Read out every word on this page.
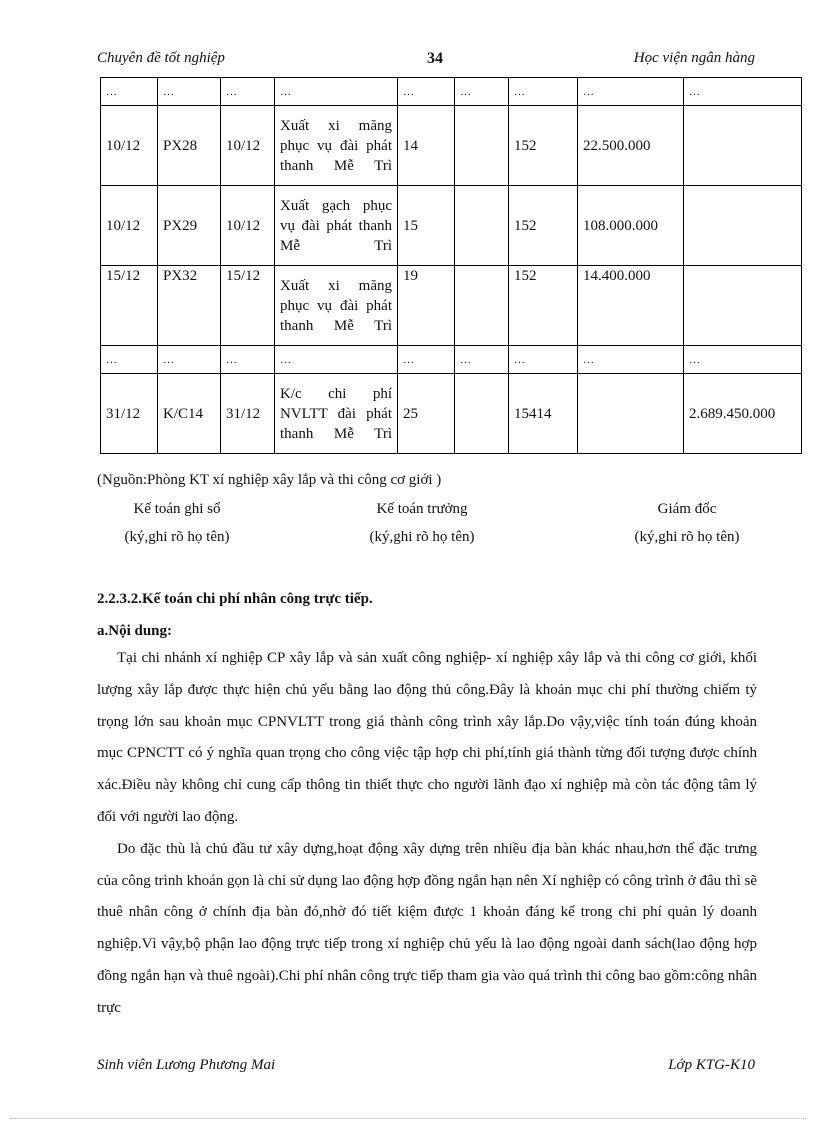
Chuyên đề tốt nghiệp	34	Học viện ngân hàng
…	…	…	…	…	…	…	…	…
10/12	PX28	10/12	Xuất xi măng phục vụ đài phát thanh Mễ Trì	14		152	22.500.000	
10/12	PX29	10/12	Xuất gạch phục vụ đài phát thanh Mễ Trì	15		152	108.000.000	
15/12	PX32	15/12	Xuất xi măng phục vụ đài phát thanh Mễ Trì	19		152	14.400.000	
…	…	…	…	…	…	…	…	…
31/12	K/C14	31/12	K/c chi phí NVLTT đài phát thanh Mễ Trì	25		15414		2.689.450.000
(Nguồn:Phòng KT xí nghiệp xây lắp và thi công cơ giới )
Kế toán ghi sổ
(ký,ghi rõ họ tên)
Kế toán trưởng
(ký,ghi rõ họ tên)
Giám đốc
(ký,ghi rõ họ tên)
2.2.3.2.Kế toán chi phí nhân công trực tiếp.
a.Nội dung:

Tại chi nhánh xí nghiệp CP xây lắp và sản xuất công nghiệp- xí nghiệp xây lắp và thi công cơ giới, khối lượng xây lắp được thực hiện chủ yếu bằng lao động thủ công.Đây là khoản mục chi phí thường chiếm tỷ trọng lớn sau khoản mục CPNVLTT trong giá thành công trình xây lắp.Do vậy,việc tính toán đúng khoản mục CPNCTT có ý nghĩa quan trọng cho công việc tập hợp chi phí,tính giá thành từng đối tượng được chính xác.Điều này không chỉ cung cấp thông tin thiết thực cho người lãnh đạo xí nghiệp mà còn tác động tâm lý đối với người lao động.

Do đặc thù là chủ đầu tư xây dựng,hoạt động xây dựng trên nhiều địa bàn khác nhau,hơn thế đặc trưng của công trình khoán gọn là chỉ sử dụng lao động hợp đồng ngắn hạn nên Xí nghiệp có công trình ở đâu thì sẽ thuê nhân công ở chính địa bàn đó,nhờ đó tiết kiệm được 1 khoản đáng kể trong chi phí quản lý doanh nghiệp.Vì vậy,bộ phận lao động trực tiếp trong xí nghiệp chủ yếu là lao động ngoài danh sách(lao động hợp đồng ngắn hạn và thuê ngoài).Chi phí nhân công trực tiếp tham gia vào quá trình thi công bao gồm:công nhân trực

Sinh viên Lương Phương Mai	Lớp KTG-K10
